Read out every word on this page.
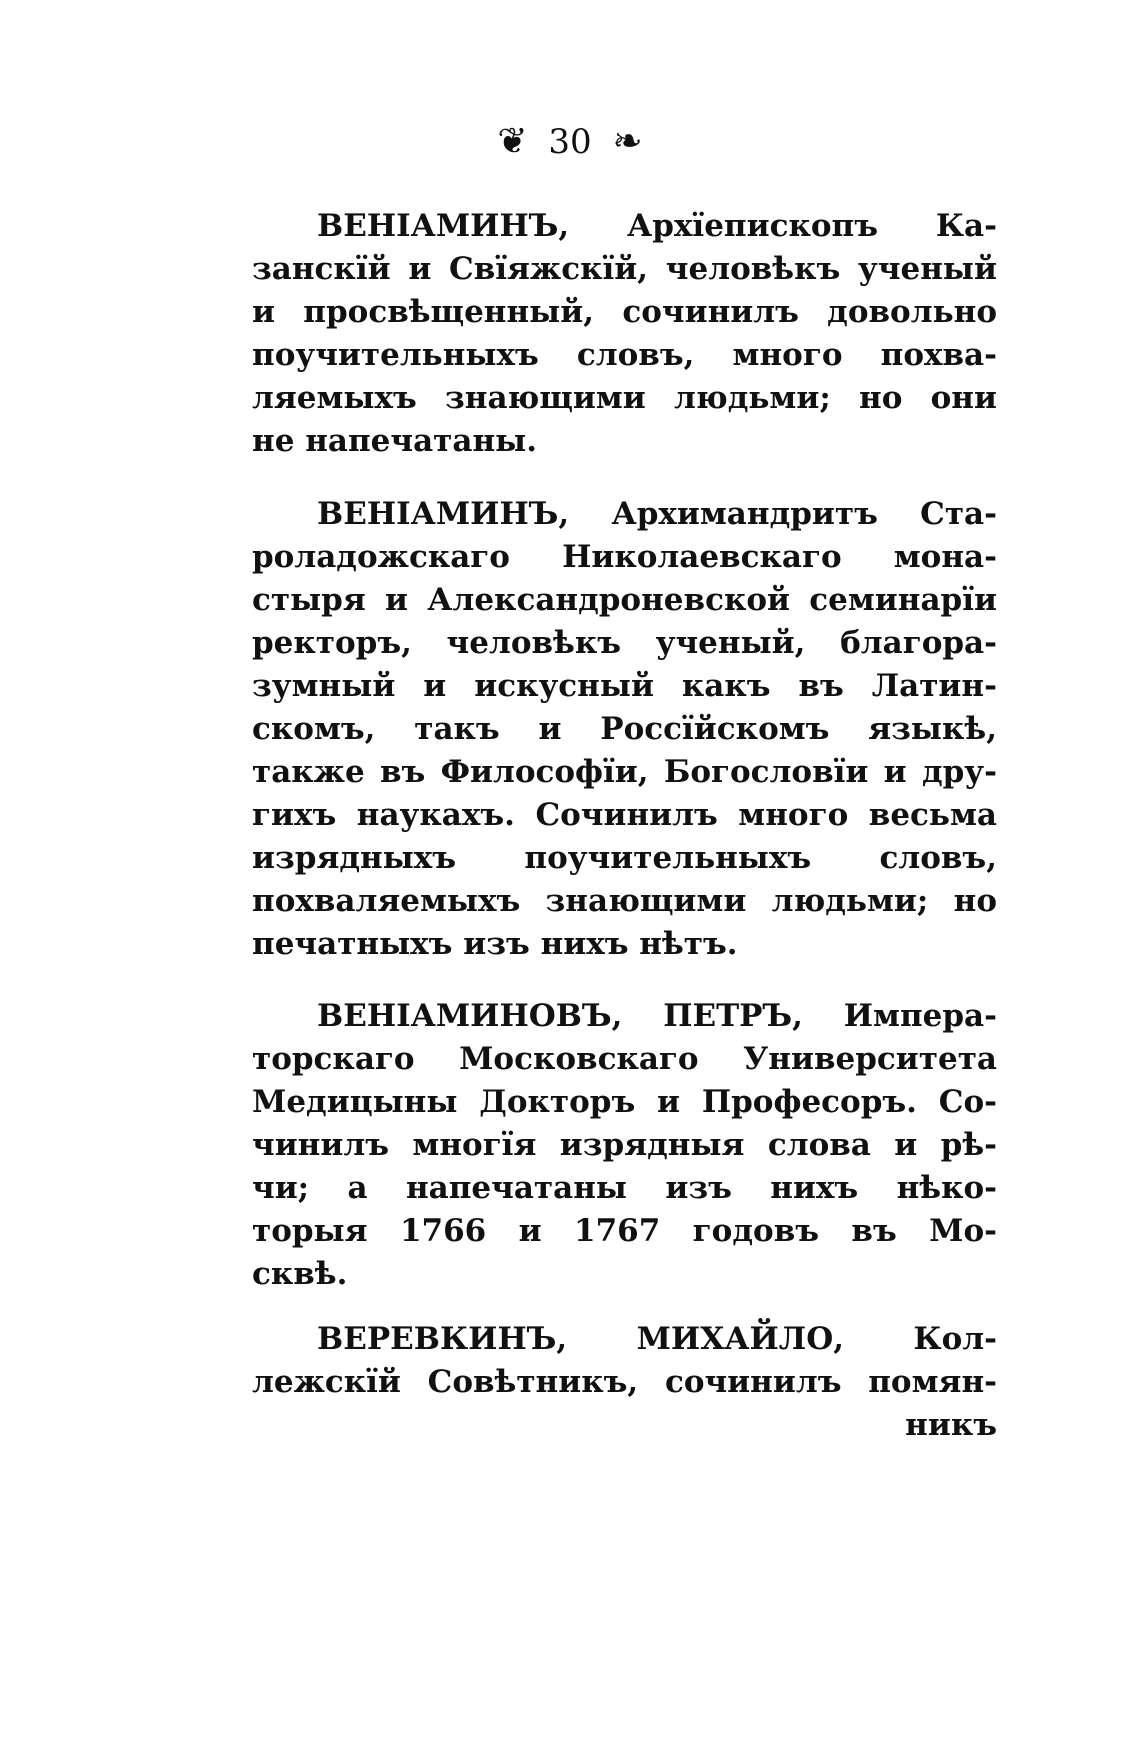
❦ 30 ❧
ВЕНІАМИНЪ, Архїепископъ Ка-
занскїй и Свїяжскїй, человѣкъ ученый
и просвѣщенный, сочинилъ довольно
поучительныхъ словъ, много похва-
ляемыхъ знающими людьми; но они
не напечатаны.
ВЕНІАМИНЪ, Архимандритъ Ста-
роладожскаго Николаевскаго мона-
стыря и Александроневской семинарїи
ректоръ, человѣкъ ученый, благора-
зумный и искусный какъ въ Латин-
скомъ, такъ и Россїйскомъ языкѣ,
также въ Философїи, Богословїи и дру-
гихъ наукахъ. Сочинилъ много весьма
изрядныхъ поучительныхъ словъ,
похваляемыхъ знающими людьми; но
печатныхъ изъ нихъ нѣтъ.
ВЕНІАМИНОВЪ, ПЕТРЪ, Импера-
торскаго Московскаго Университета
Медицыны Докторъ и Професоръ. Со-
чинилъ многїя изрядныя слова и рѣ-
чи; а напечатаны изъ нихъ нѣко-
торыя 1766 и 1767 годовъ въ Мо-
сквѣ.
ВЕРЕВКИНЪ, МИХАЙЛО, Кол-
лежскїй Совѣтникъ, сочинилъ помян-
никъ
